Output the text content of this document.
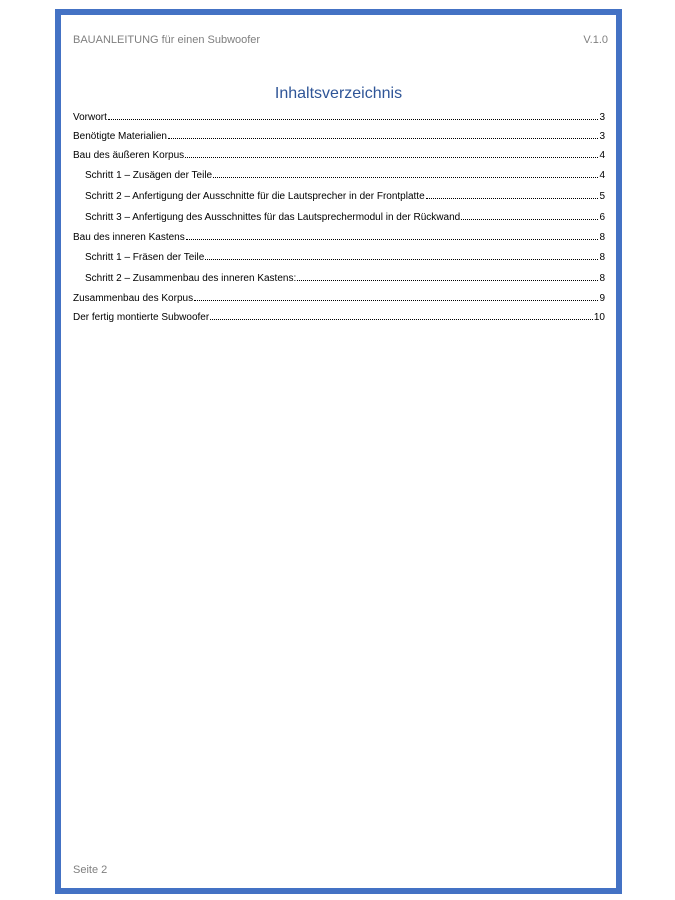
BAUANLEITUNG für einen Subwoofer	V.1.0
Inhaltsverzeichnis
Vorwort	3
Benötigte Materialien	3
Bau des äußeren Korpus	4
Schritt 1 – Zusägen der Teile	4
Schritt 2 – Anfertigung der Ausschnitte für die Lautsprecher in der Frontplatte	5
Schritt 3 – Anfertigung des Ausschnittes für das Lautsprechermodul in der Rückwand	6
Bau des inneren Kastens	8
Schritt 1 – Fräsen der Teile	8
Schritt 2 – Zusammenbau des inneren Kastens:	8
Zusammenbau des Korpus	9
Der fertig montierte Subwoofer	10
Seite 2
